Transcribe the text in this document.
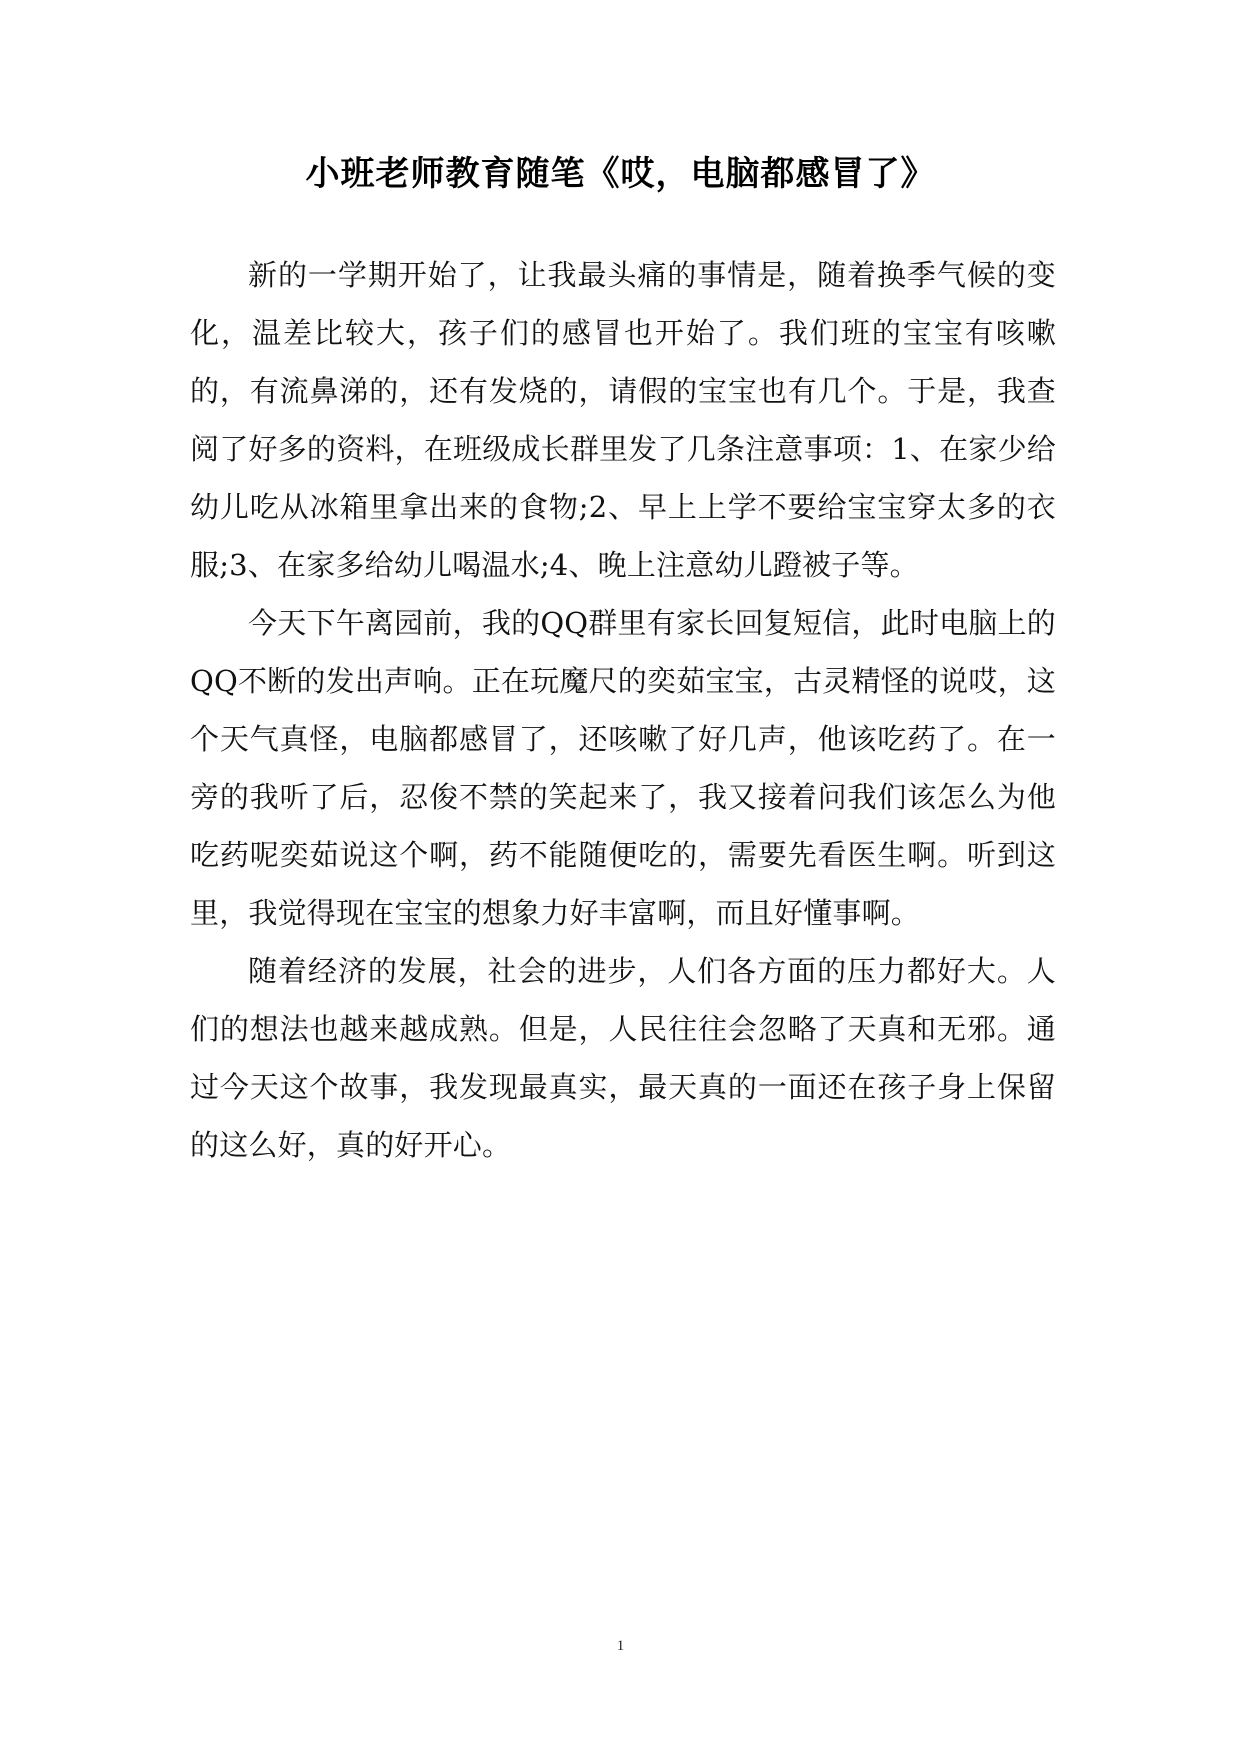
小班老师教育随笔《哎，电脑都感冒了》

新的一学期开始了，让我最头痛的事情是，随着换季气候的变化，温差比较大，孩子们的感冒也开始了。我们班的宝宝有咳嗽的，有流鼻涕的，还有发烧的，请假的宝宝也有几个。于是，我查阅了好多的资料，在班级成长群里发了几条注意事项：1、在家少给幼儿吃从冰箱里拿出来的食物;2、早上上学不要给宝宝穿太多的衣服;3、在家多给幼儿喝温水;4、晚上注意幼儿蹬被子等。

今天下午离园前，我的QQ群里有家长回复短信，此时电脑上的QQ不断的发出声响。正在玩魔尺的奕茹宝宝，古灵精怪的说哎，这个天气真怪，电脑都感冒了，还咳嗽了好几声，他该吃药了。在一旁的我听了后，忍俊不禁的笑起来了，我又接着问我们该怎么为他吃药呢奕茹说这个啊，药不能随便吃的，需要先看医生啊。听到这里，我觉得现在宝宝的想象力好丰富啊，而且好懂事啊。

随着经济的发展，社会的进步，人们各方面的压力都好大。人们的想法也越来越成熟。但是，人民往往会忽略了天真和无邪。通过今天这个故事，我发现最真实，最天真的一面还在孩子身上保留的这么好，真的好开心。

1
